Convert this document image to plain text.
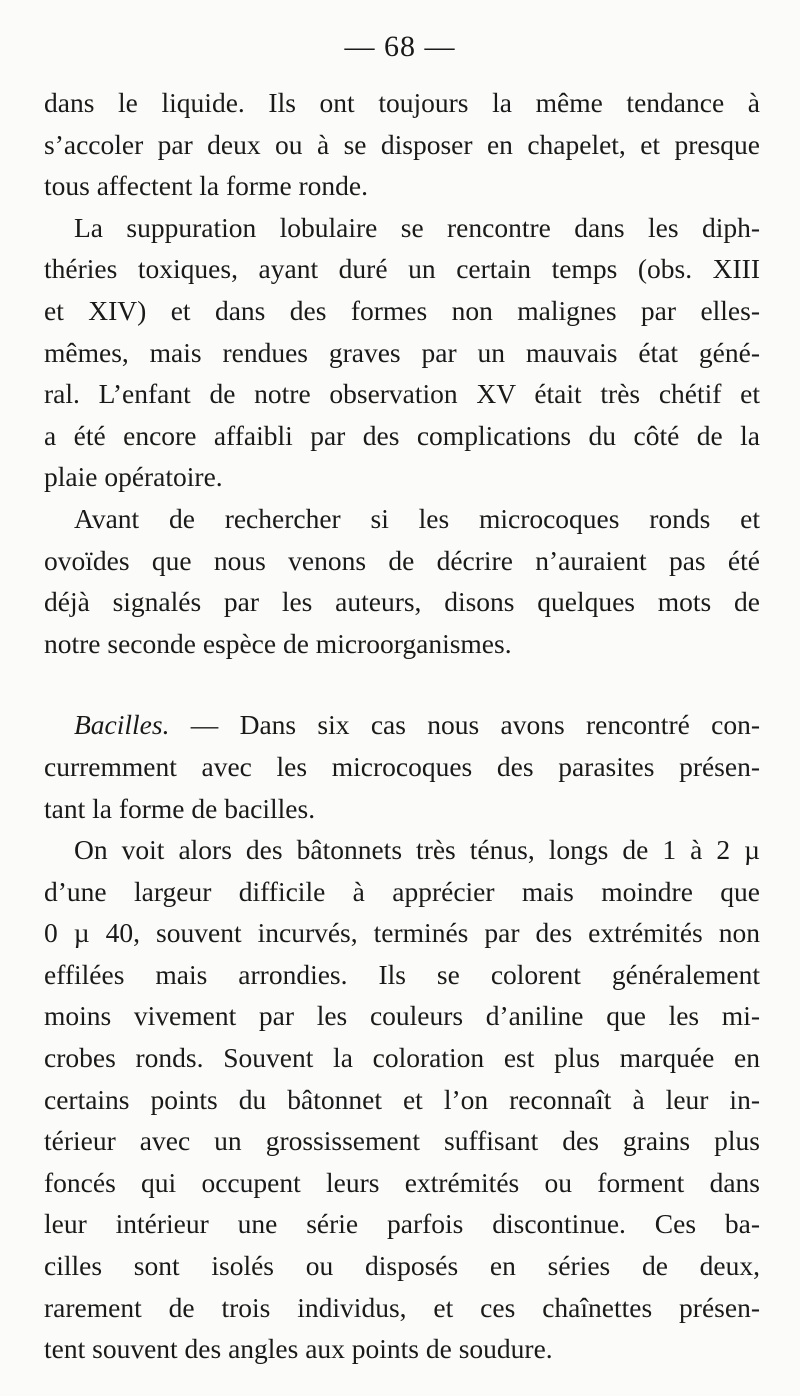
— 68 —
dans le liquide. Ils ont toujours la même tendance à
s’accoler par deux ou à se disposer en chapelet, et presque
tous affectent la forme ronde.
La suppuration lobulaire se rencontre dans les diph-
théries toxiques, ayant duré un certain temps (obs. XIII
et XIV) et dans des formes non malignes par elles-
mêmes, mais rendues graves par un mauvais état géné-
ral. L’enfant de notre observation XV était très chétif et
a été encore affaibli par des complications du côté de la
plaie opératoire.
Avant de rechercher si les microcoques ronds et
ovoïdes que nous venons de décrire n’auraient pas été
déjà signalés par les auteurs, disons quelques mots de
notre seconde espèce de microorganismes.
Bacilles. — Dans six cas nous avons rencontré con-
curremment avec les microcoques des parasites présen-
tant la forme de bacilles.
On voit alors des bâtonnets très ténus, longs de 1 à 2 µ
d’une largeur difficile à apprécier mais moindre que
0 µ 40, souvent incurvés, terminés par des extrémités non
effilées mais arrondies. Ils se colorent généralement
moins vivement par les couleurs d’aniline que les mi-
crobes ronds. Souvent la coloration est plus marquée en
certains points du bâtonnet et l’on reconnaît à leur in-
térieur avec un grossissement suffisant des grains plus
foncés qui occupent leurs extrémités ou forment dans
leur intérieur une série parfois discontinue. Ces ba-
cilles sont isolés ou disposés en séries de deux,
rarement de trois individus, et ces chaînettes présen-
tent souvent des angles aux points de soudure.
